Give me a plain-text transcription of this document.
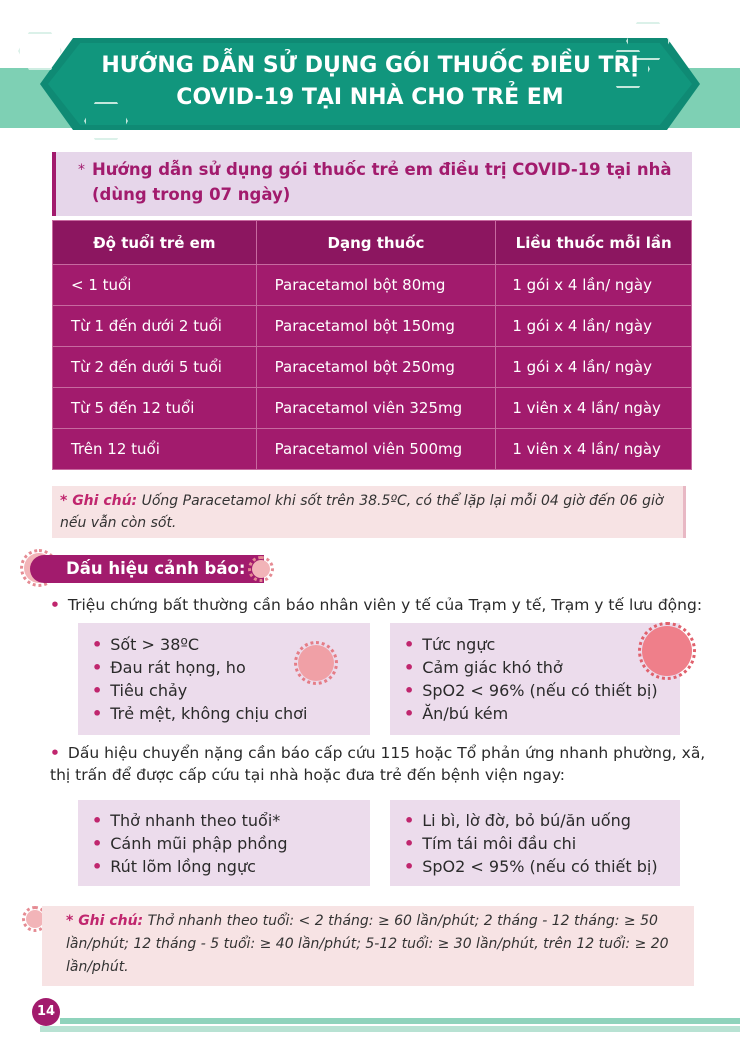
HƯỚNG DẪN SỬ DỤNG GÓI THUỐC ĐIỀU TRỊ
COVID-19 TẠI NHÀ CHO TRẺ EM
* Hướng dẫn sử dụng gói thuốc trẻ em điều trị COVID-19 tại nhà (dùng trong 07 ngày)
Độ tuổi trẻ em	Dạng thuốc	Liều thuốc mỗi lần
< 1 tuổi	Paracetamol bột 80mg	1 gói x 4 lần/ ngày
Từ 1 đến dưới 2 tuổi	Paracetamol bột 150mg	1 gói x 4 lần/ ngày
Từ 2 đến dưới 5 tuổi	Paracetamol bột 250mg	1 gói x 4 lần/ ngày
Từ 5 đến 12 tuổi	Paracetamol viên 325mg	1 viên x 4 lần/ ngày
Trên 12 tuổi	Paracetamol viên 500mg	1 viên x 4 lần/ ngày
* Ghi chú: Uống Paracetamol khi sốt trên 38.5ºC, có thể lặp lại mỗi 04 giờ đến 06 giờ nếu vẫn còn sốt.
Dấu hiệu cảnh báo:
• Triệu chứng bất thường cần báo nhân viên y tế của Trạm y tế, Trạm y tế lưu động:
• Sốt > 38ºC
• Đau rát họng, ho
• Tiêu chảy
• Trẻ mệt, không chịu chơi
• Tức ngực
• Cảm giác khó thở
• SpO2 < 96% (nếu có thiết bị)
• Ăn/bú kém
• Dấu hiệu chuyển nặng cần báo cấp cứu 115 hoặc Tổ phản ứng nhanh phường, xã, thị trấn để được cấp cứu tại nhà hoặc đưa trẻ đến bệnh viện ngay:
• Thở nhanh theo tuổi*
• Cánh mũi phập phồng
• Rút lõm lồng ngực
• Li bì, lờ đờ, bỏ bú/ăn uống
• Tím tái môi đầu chi
• SpO2 < 95% (nếu có thiết bị)
* Ghi chú: Thở nhanh theo tuổi: < 2 tháng: ≥ 60 lần/phút; 2 tháng - 12 tháng: ≥ 50 lần/phút; 12 tháng - 5 tuổi: ≥ 40 lần/phút; 5-12 tuổi: ≥ 30 lần/phút, trên 12 tuổi: ≥ 20 lần/phút.
14
